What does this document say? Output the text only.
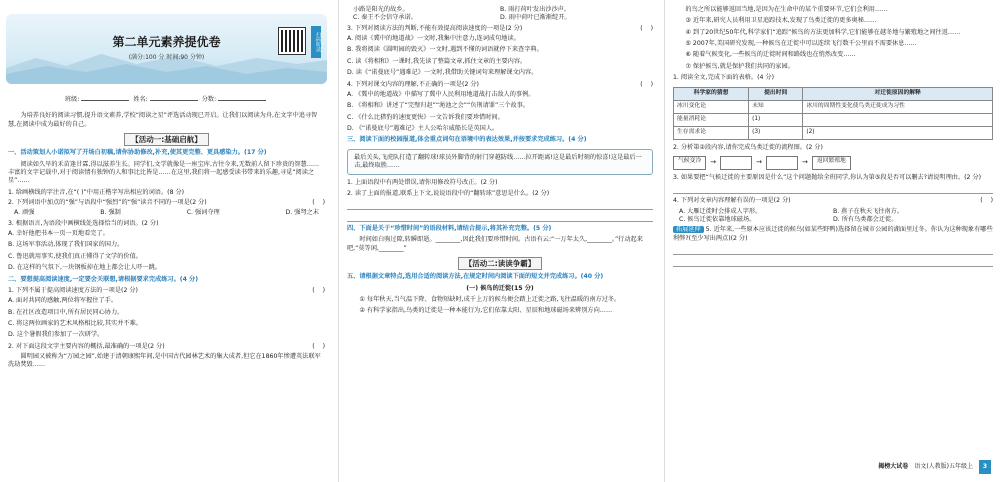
第二单元素养提优卷
(满分:100 分 时间:90 分钟)
扫码听读
班级:	姓名:	分数:

为培养良好的阅读习惯,提升语文素养,学校“阅读之星”评选活动现已开启。让我们以阅读为舟,在文字中追寻智慧,在阅读中成为最好的自己。

【活动一:基础启航】

一、活动策划人小诺拟写了开场白初稿,请你协助修改,补充,使其更完整、更具感染力。(17 分)

阅读如久旱的禾苗逢甘霖,得以滋养生长。同学们,文学就像是一座宝库,古往今来,无数前人留下珍贵的智慧……丰富的文字记载中,对于阅读情有独钟的人和事比比皆是……在这里,我们将一起感受读书带来的乐趣,寻觅“阅读之星”……

1. 给画横线的字注音,在“( )”中用正楷字写出相应的词语。(8 分)

2. 下列词语中加点的“强”与语段中“强烈”的“强”读音不同的一项是(2 分)	(    )

A. 顽强	B. 强制	C. 强词夺理	D. 强弩之末

3. 根据语言,为语段中画横线处选择恰当的词语。(2 分)

A. 幸好他把书本一页一页地看完了。

B. 这场军事活动,体现了我们国家的国力。

C. 鲁迅就用事实,使我们真正懂得了文学的价值。

D. 在这样的气氛下,一块钢板掉在地上都会让人吓一跳。

二、要想提高阅读速度,一定要会关联想,请根据要求完成练习。(4 分)

1. 下列不属于提高阅读速度方法的一项是(2 分)	(    )

A. 面对共同的感触,两位将军握住了手。

B. 在社区改造项目中,所有居民同心协力。

C. 将这两位画家的艺术风格相比较,其实并不难。

D. 这个暑假我们参加了一次研学。

2. 对下面这段文字主要内容的概括,最准确的一项是(2 分)	(    )

圆明园又被称为“万园之园”,始建于清朝康熙年间,是中国古代园林艺术的集大成者,但它在1860年惨遭英法联军洗劫焚毁……

小路是阳光的故乡。	B. 雨打荷叶发出沙沙声。
C. 秦王不会信守承诺。	D. 雨中荷叶已渐渐绽开。

3. 下列对阅读方法的判断,不能有效提高阅读速度的一项是(2 分)	(    )

A. 阅读《冀中的地道战》一文时,我集中注意力,连词成句地读。

B. 我将阅读《圆明园的毁灭》一文时,遇到不懂的词语就停下来查字典。

C. 读《将相和》一课时,我先读了整篇文章,抓住文章的主要内容。

D. 读《“诺曼底号”遇难记》一文时,我借助关键词句来理解课文内容。

4. 下列对课文内容的理解,不正确的一项是(2 分)	(    )

A. 《冀中的地道战》中描写了冀中人民利用地道战打击敌人的事例。

B. 《将相和》讲述了“完璧归赵”“渑池之会”“负荆请罪”三个故事。

C. 《什么比猎豹的速度更快》一文告诉我们要珍惜时间。

D. 《“诺曼底号”遇难记》主人公哈尔威船长是英国人。

三、阅读下面的校园报道,体会重点词句在语境中的表达效果,并按要求完成练习。(4 分)

最后关头,飞虎队打造了翻转球!球员外脚背的射门穿越防线……拉开距离!这是最后时刻的惊喜!这是最后一击,最终取胜……

1. 上面语段中有两处错误,请你用修改符号改正。(2 分)

2. 读了上面的报道,联系上下文,说说语段中的“翻转球”意思是什么。(2 分)

四、下面是关于“珍惜时间”的语段材料,请结合提示,将其补充完整。(5 分)

时间如白驹过隙,转瞬即逝。________,因此我们要珍惜时间。古语有云:“一万年太久,________。”行动起来吧,“莫等闲,________”

【活动二:读读争霸】

五、请根据文章特点,选用合适的阅读方法,在规定时间内阅读下面的短文并完成练习。(40 分)

(一) 候鸟的迁徙(15 分)

① 每年秋天,当气温下降、食物短缺时,成千上万的候鸟便会踏上迁徙之路,飞往温暖的南方过冬。

② 有科学家指出,鸟类的迁徙是一种本能行为,它们依靠太阳、星辰和地球磁场来辨别方向……

的鸟之所以能够返回当地,是因为在生命中的某个重要环节,它们会利用……

③ 近年来,研究人员利用卫星追踪技术,发现了鸟类迁徙的更多奥秘……

④ 到了20世纪50年代,科学家们“追踪”候鸟的方法更加科学,它们能够在越冬地与繁殖地之间往返……

⑤ 2007年,美国研究发现,一种候鸟在迁徙中可以连续飞行数千公里而不需要休息……

⑥ 随着气候变化,一些候鸟的迁徙时间和路线也在悄然改变……

⑦ 保护候鸟,就是保护我们共同的家园。

1. 阅读全文,完成下面的表格。(4 分)

科学家的猜想	提出时间	对迁徙原因的解释
冰川变化论	未知	冰川的周期性变化使鸟类迁徙成为习性
能量消耗论	(1)	
生存需求论	(3)	(2)

2. 分析第②段内容,请你完成鸟类迁徙的流程图。(2 分)

气候变冷	→	→	→	返回繁殖地

3. 如果要把“气候迁徙的主要原因是什么”这个问题抛给全班同学,你认为第⑤段是否可以删去?请说明理由。(2 分)

4. 下列对文章内容理解有误的一项是(2 分)	(    )

A. 大雁迁徙时会排成人字形。	B. 燕子在秋天飞往南方。
C. 候鸟迁徙依靠地球磁场。	D. 所有鸟类都会迁徙。

拓展延伸 5. 近年来,一些原本应该迁徙的候鸟(如某些野鸭)选择留在城市公园的湖面里过冬。你认为这种现象有哪些利弊?(至少写出两点)(2 分)

揭榜大试卷 语文(人教版)五年级上	3
